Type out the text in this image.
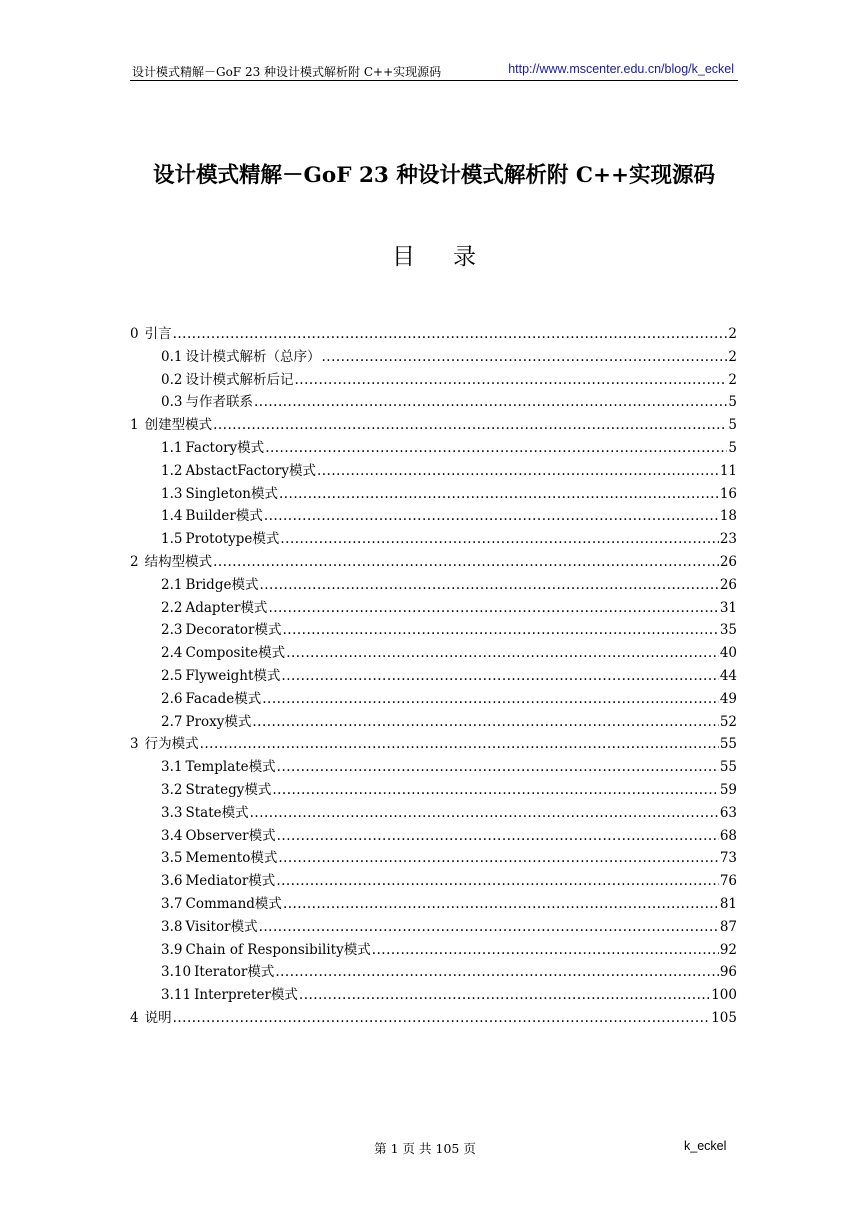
设计模式精解－GoF 23 种设计模式解析附 C++实现源码	http://www.mscenter.edu.cn/blog/k_eckel
设计模式精解－GoF 23 种设计模式解析附 C++实现源码
目录
0 引言 .....	2
0.1 设计模式解析（总序） .....	2
0.2 设计模式解析后记 .....	2
0.3 与作者联系 .....	5
1 创建型模式 .....	5
1.1 Factory模式 .....	5
1.2 AbstactFactory模式 .....	11
1.3 Singleton模式 .....	16
1.4 Builder模式 .....	18
1.5 Prototype模式 .....	23
2 结构型模式 .....	26
2.1 Bridge模式 .....	26
2.2 Adapter模式 .....	31
2.3 Decorator模式 .....	35
2.4 Composite模式 .....	40
2.5 Flyweight模式 .....	44
2.6 Facade模式 .....	49
2.7 Proxy模式 .....	52
3 行为模式 .....	55
3.1 Template模式 .....	55
3.2 Strategy模式 .....	59
3.3 State模式 .....	63
3.4 Observer模式 .....	68
3.5 Memento模式 .....	73
3.6 Mediator模式 .....	76
3.7 Command模式 .....	81
3.8 Visitor模式 .....	87
3.9 Chain of Responsibility模式 .....	92
3.10 Iterator模式 .....	96
3.11 Interpreter模式 .....	100
4 说明 .....	105
第 1 页 共 105 页	k_eckel
